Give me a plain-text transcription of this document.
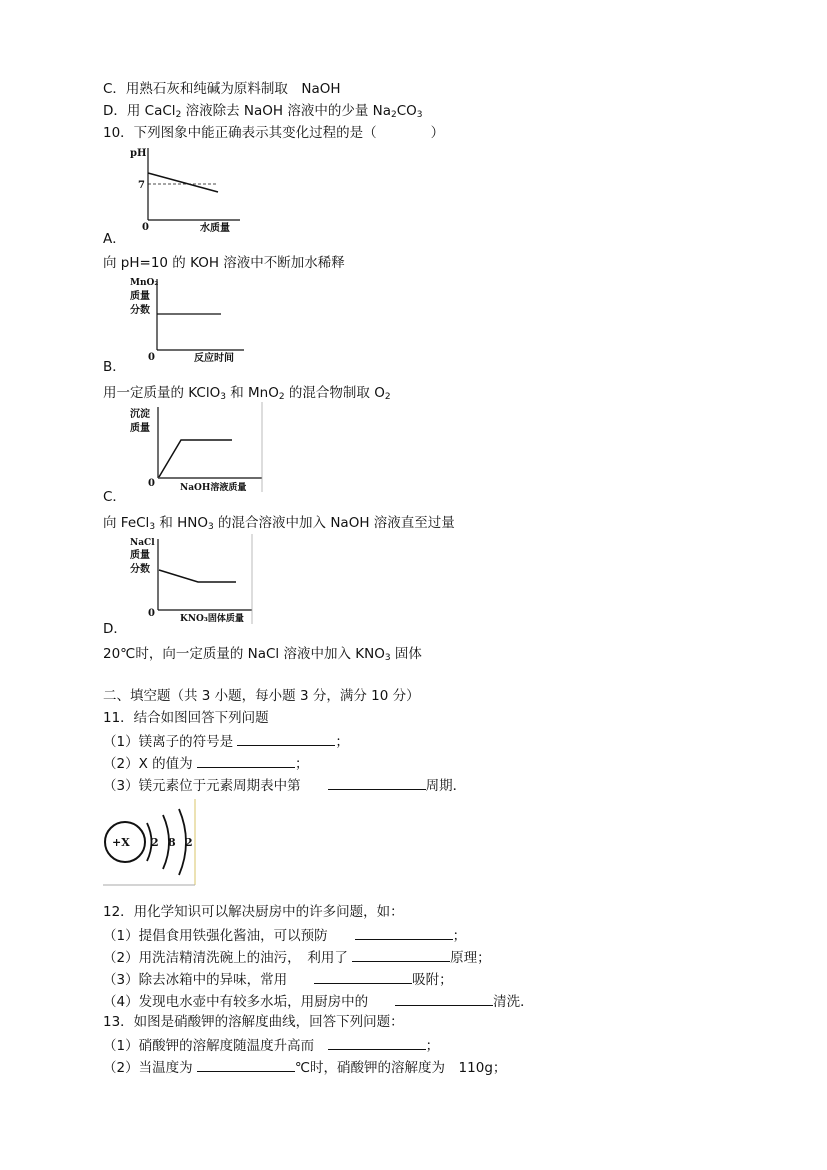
C．用熟石灰和纯碱为原料制取　NaOH
D．用 CaCl$_2$ 溶液除去 NaOH 溶液中的少量 $Na_2CO_3$
10．下列图象中能正确表示其变化过程的是（　　　　）
pH
7
0	水质量
A．
向 pH=10 的 KOH 溶液中不断加水稀释
MnO₂
质量
分数
0	反应时间
B．
用一定质量的 KClO$_3$ 和 MnO$_2$ 的混合物制取 $O_2$
沉淀
质量
0	NaOH溶液质量
C．
向 FeCl$_3$ 和 $HNO_3$ 的混合溶液中加入 NaOH 溶液直至过量
NaCl
质量
分数
0	KNO₃固体质量
D．
20℃时，向一定质量的 NaCl 溶液中加入 $KNO_3$ 固体
二、填空题（共 3 小题，每小题 3 分，满分 10 分）
11．结合如图回答下列问题
（1）镁离子的符号是	；
（2）X 的值为	；
（3）镁元素位于元素周期表中第　　	周期．
+X 2 8 2
12．用化学知识可以解决厨房中的许多问题，如：
（1）提倡食用铁强化酱油，可以预防　　	；
（2）用洗洁精清洗碗上的油污，　利用了	原理；
（3）除去冰箱中的异味，常用　　	吸附；
（4）发现电水壶中有较多水垢，用厨房中的　　	清洗．
13．如图是硝酸钾的溶解度曲线，回答下列问题：
（1）硝酸钾的溶解度随温度升高而　	；
（2）当温度为	℃时，硝酸钾的溶解度为　110g；
